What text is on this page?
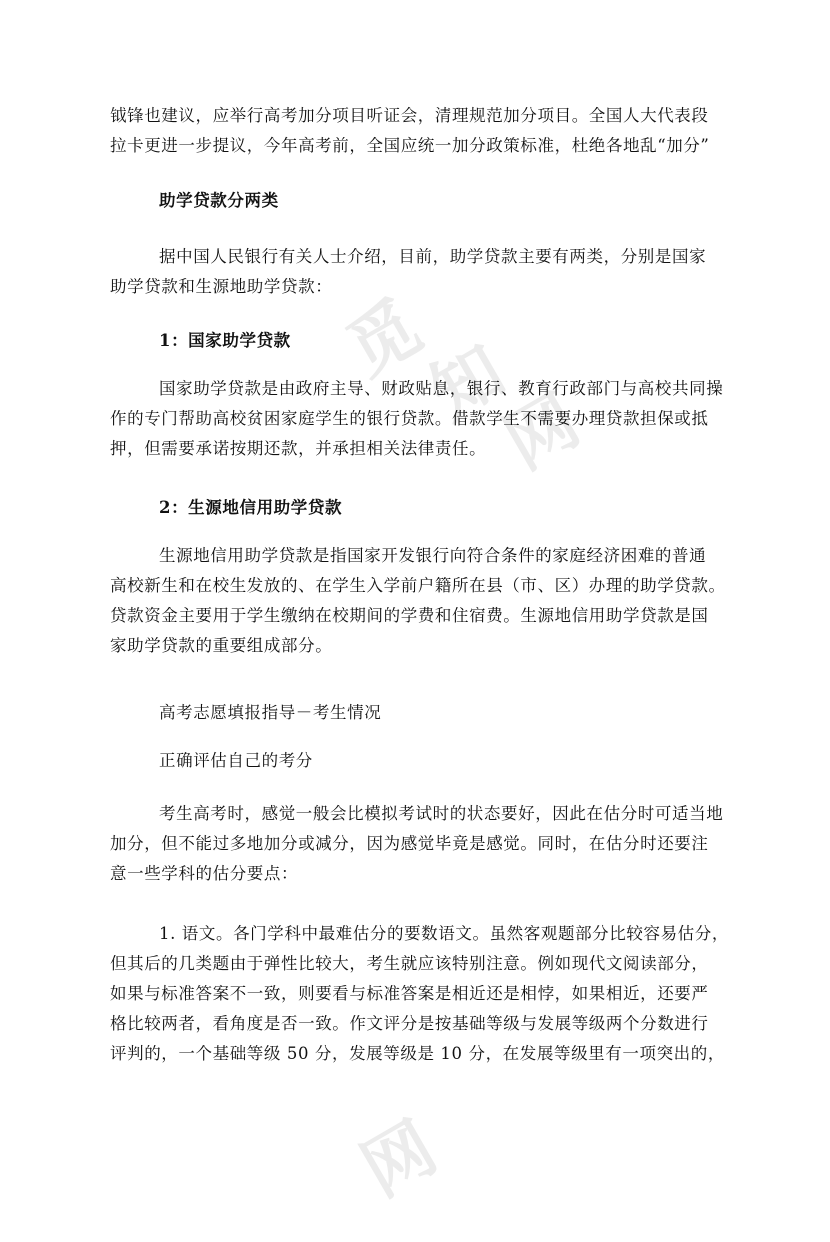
觅
知
网
网
钺锋也建议，应举行高考加分项目听证会，清理规范加分项目。全国人大代表段
拉卡更进一步提议，今年高考前，全国应统一加分政策标准，杜绝各地乱“加分”
助学贷款分两类
据中国人民银行有关人士介绍，目前，助学贷款主要有两类，分别是国家
助学贷款和生源地助学贷款：
1：国家助学贷款
国家助学贷款是由政府主导、财政贴息，银行、教育行政部门与高校共同操
作的专门帮助高校贫困家庭学生的银行贷款。借款学生不需要办理贷款担保或抵
押，但需要承诺按期还款，并承担相关法律责任。
2：生源地信用助学贷款
生源地信用助学贷款是指国家开发银行向符合条件的家庭经济困难的普通
高校新生和在校生发放的、在学生入学前户籍所在县（市、区）办理的助学贷款。
贷款资金主要用于学生缴纳在校期间的学费和住宿费。生源地信用助学贷款是国
家助学贷款的重要组成部分。
高考志愿填报指导－考生情况
正确评估自己的考分
考生高考时，感觉一般会比模拟考试时的状态要好，因此在估分时可适当地
加分，但不能过多地加分或减分，因为感觉毕竟是感觉。同时，在估分时还要注
意一些学科的估分要点：
1. 语文。各门学科中最难估分的要数语文。虽然客观题部分比较容易估分，
但其后的几类题由于弹性比较大，考生就应该特别注意。例如现代文阅读部分，
如果与标准答案不一致，则要看与标准答案是相近还是相悖，如果相近，还要严
格比较两者，看角度是否一致。作文评分是按基础等级与发展等级两个分数进行
评判的，一个基础等级 50 分，发展等级是 10 分，在发展等级里有一项突出的，
